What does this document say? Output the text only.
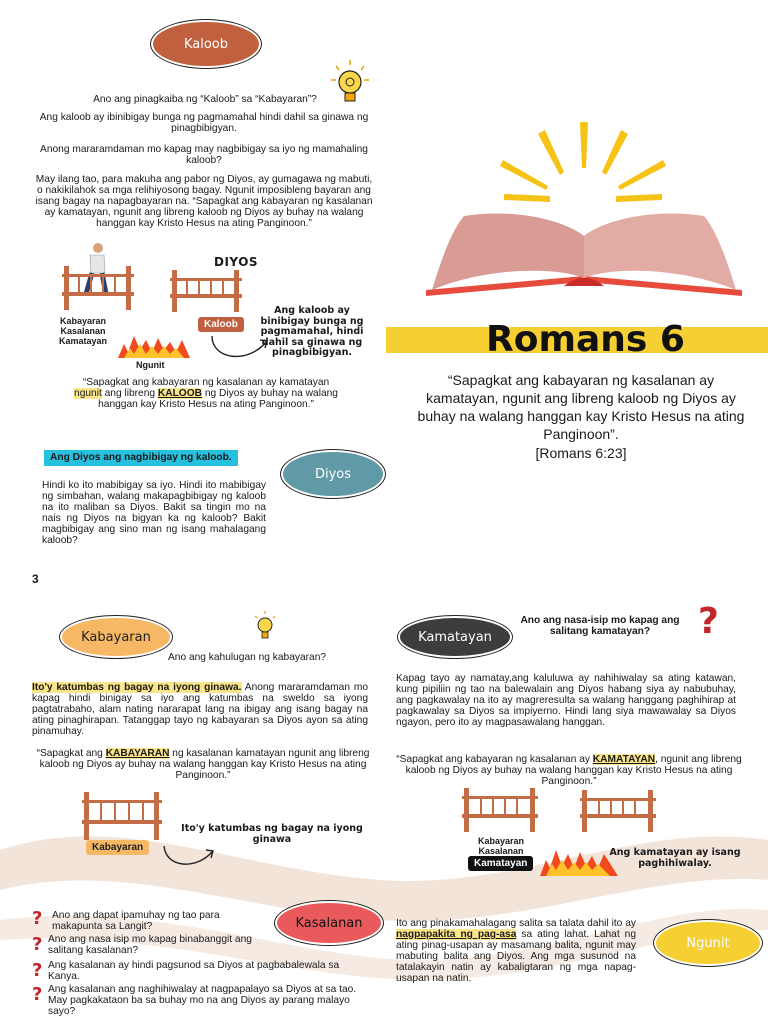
Kaloob
Ano ang pinagkaiba ng “Kaloob” sa “Kabayaran”?
Ang kaloob ay ibinibigay bunga ng pagmamahal hindi dahil sa ginawa ng pinagbibigyan.
Anong mararamdaman mo kapag may nagbibigay sa iyo ng mamahaling kaloob?
May ilang tao, para makuha ang pabor ng Diyos, ay gumagawa ng mabuti, o nakikilahok sa mga relihiyosong bagay. Ngunit imposibleng bayaran ang isang bagay na napagbayaran na. “Sapagkat ang kabayaran ng kasalanan ay kamatayan, ngunit ang libreng kaloob ng Diyos ay buhay na walang hanggan kay Kristo Hesus na ating Panginoon.”
DIYOS
Kabayaran
Kasalanan
Kamatayan
Kaloob
Ngunit
Ang kaloob ay binibigay bunga ng pagmamahal, hindi dahil sa ginawa ng pinagbibigyan.
“Sapagkat ang kabayaran ng kasalanan ay kamatayan
ngunit ang libreng KALOOB ng Diyos ay buhay na walang
hanggan kay Kristo Hesus na ating Panginoon.”
Romans 6
“Sapagkat ang kabayaran ng kasalanan ay kamatayan, ngunit ang libreng kaloob ng Diyos ay buhay na walang hanggan kay Kristo Hesus na ating Panginoon”.
[Romans 6:23]
Ang Diyos ang nagbibigay ng kaloob.
Diyos
Hindi ko ito mabibigay sa iyo. Hindi ito mabibigay ng simbahan, walang makapagbibigay ng kaloob na ito maliban sa Diyos. Bakit sa tingin mo na nais ng Diyos na bigyan ka ng kaloob? Bakit magbibigay ang sino man ng isang mahalagang kaloob?
3
Kabayaran
Ano ang kahulugan ng kabayaran?
Ito'y katumbas ng bagay na iyong ginawa. Anong mararamdaman mo kapag hindi binigay sa iyo ang katumbas na sweldo sa iyong pagtatrabaho, alam nating nararapat lang na ibigay ang isang bagay na ating pinaghirapan. Tatanggap tayo ng kabayaran sa Diyos ayon sa ating pinamuhay.
“Sapagkat ang KABAYARAN ng kasalanan kamatayan ngunit ang libreng kaloob ng Diyos ay buhay na walang hanggan kay Kristo Hesus na ating Panginoon.”
Kabayaran
Ito'y katumbas ng bagay na iyong ginawa
Kamatayan
Ano ang nasa-isip mo kapag ang salitang kamatayan?	?
Kapag tayo ay namatay,ang kaluluwa ay nahihiwalay sa ating katawan, kung pipiliin ng tao na balewalain ang Diyos habang siya ay nabubuhay, ang pagkawalay na ito ay magreresulta sa walang hanggang paghihirap at pagkawalay sa Diyos sa impiyerno. Hindi lang siya mawawalay sa Diyos ngayon, pero ito ay magpasawalang hanggan.
“Sapagkat ang kabayaran ng kasalanan ay KAMATAYAN, ngunit ang libreng kaloob ng Diyos ay buhay na walang hanggan kay Kristo Hesus na ating Panginoon.”
Kabayaran
Kasalanan
Kamatayan
Ang kamatayan ay isang paghihiwalay.
Kasalanan
? Ano ang dapat ipamuhay ng tao para makapunta sa Langit?
? Ano ang nasa isip mo kapag binabanggit ang salitang kasalanan?
? Ang kasalanan ay hindi pagsunod sa Diyos at pagbabalewala sa Kanya.
? Ang kasalanan ang naghihiwalay at nagpapalayo sa Diyos at sa tao. May pagkakataon ba sa buhay mo na ang Diyos ay parang malayo sayo?
Ito ang pinakamahalagang salita sa talata dahil ito ay nagpapakita ng pag-asa sa ating lahat. Lahat ng ating pinag-usapan ay masamang balita, ngunit may mabuting balita ang Diyos. Ang mga susunod na tatalakayin natin ay kabaligtaran ng mga napag-usapan na natin.
Ngunit
